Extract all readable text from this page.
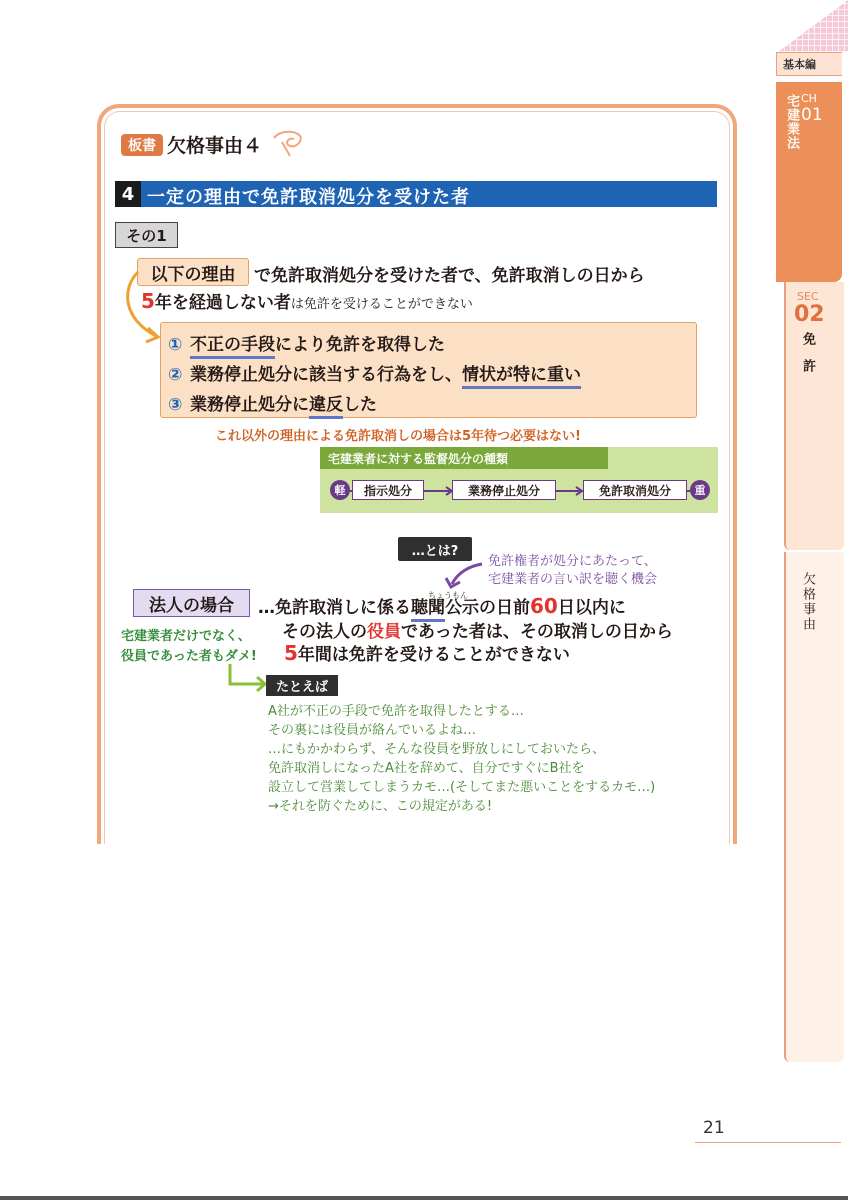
基本編
宅建業法 CH
01
SEC
02
免許
欠格事由
21
板書 欠格事由４
4 一定の理由で免許取消処分を受けた者
その1
以下の理由 で免許取消処分を受けた者で、免許取消しの日から
5年を経過しない者は免許を受けることができない
① 不正の手段により免許を取得した
② 業務停止処分に該当する行為をし、情状が特に重い
③ 業務停止処分に違反した
これ以外の理由による免許取消しの場合は5年待つ必要はない!
宅建業者に対する監督処分の種類
軽	指示処分	業務停止処分	免許取消処分	重
…とは?
免許権者が処分にあたって、
宅建業者の言い訳を聴く機会
法人の場合	ちょうもん
…免許取消しに係る聴聞公示の日前60日以内に
その法人の役員であった者は、その取消しの日から
5年間は免許を受けることができない
宅建業者だけでなく、
役員であった者もダメ!
たとえば
A社が不正の手段で免許を取得したとする…
その裏には役員が絡んでいるよね…
…にもかかわらず、そんな役員を野放しにしておいたら、
免許取消しになったA社を辞めて、自分ですぐにB社を
設立して営業してしまうカモ…(そしてまた悪いことをするカモ…)
→それを防ぐために、この規定がある!
